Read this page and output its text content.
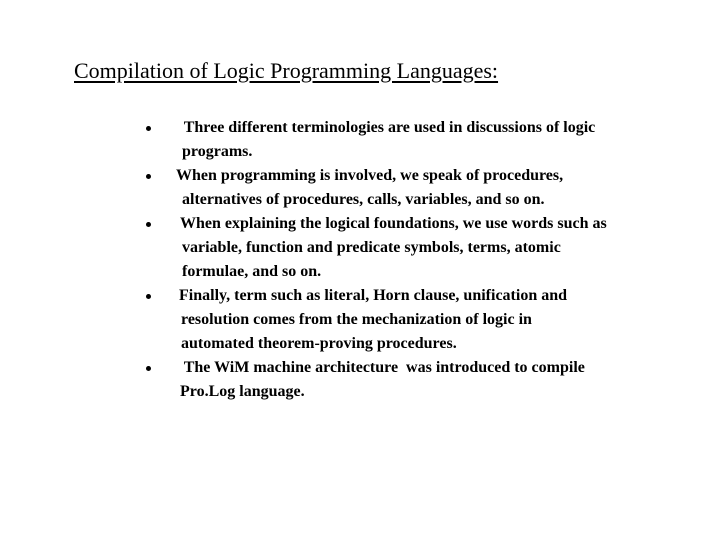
Compilation of Logic Programming Languages:
Three different terminologies are used in discussions of logic
programs.
When programming is involved, we speak of procedures,
alternatives of procedures, calls, variables, and so on.
When explaining the logical foundations, we use words such as
variable, function and predicate symbols, terms, atomic
formulae, and so on.
Finally, term such as literal, Horn clause, unification and
resolution comes from the mechanization of logic in
automated theorem-proving procedures.
The WiM machine architecture  was introduced to compile
Pro.Log language.
